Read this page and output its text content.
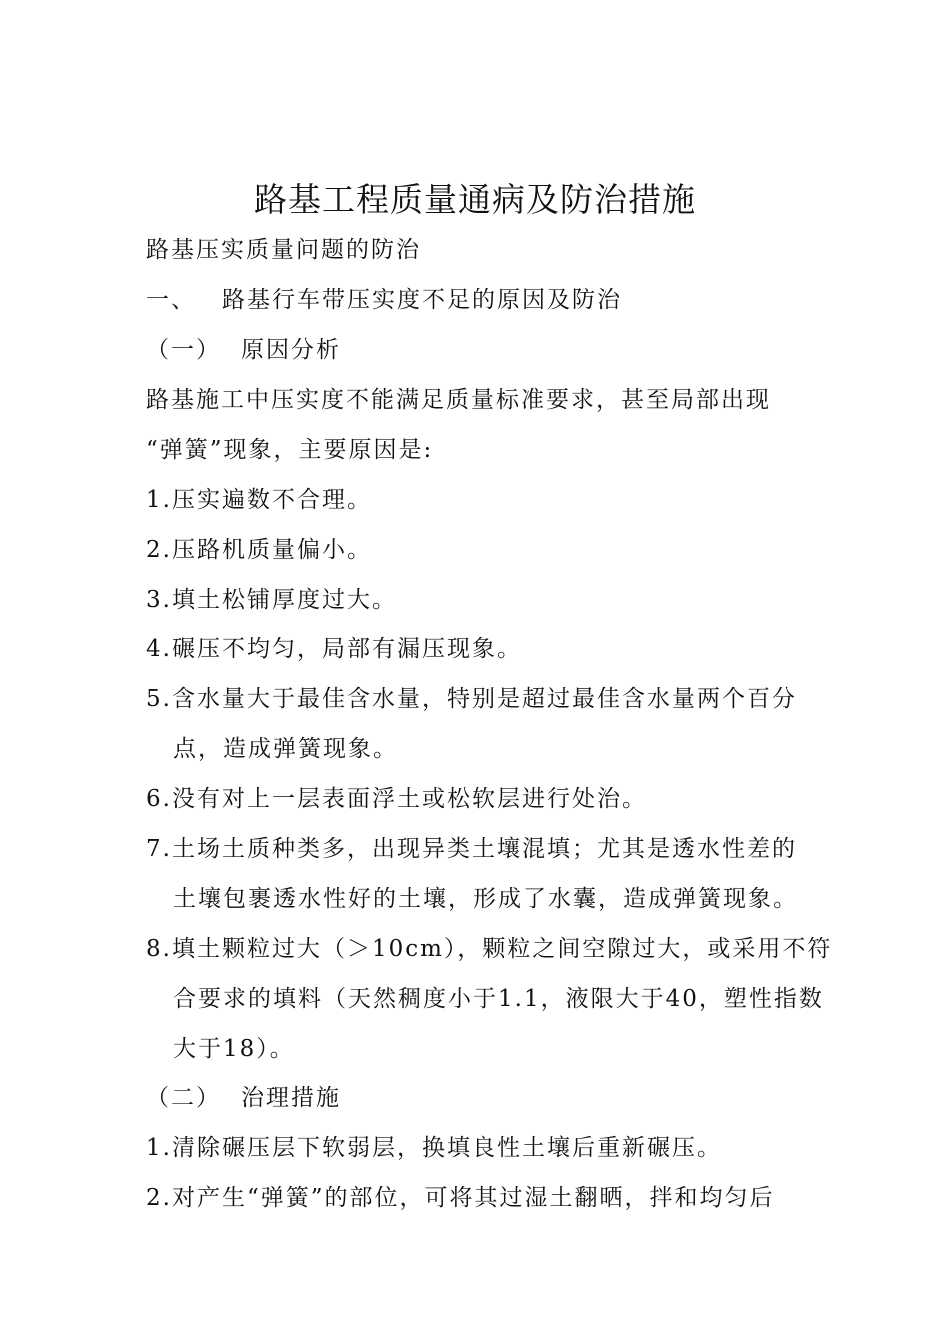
路基工程质量通病及防治措施

路基压实质量问题的防治

一、 路基行车带压实度不足的原因及防治

（一） 原因分析

路基施工中压实度不能满足质量标准要求，甚至局部出现

“弹簧”现象，主要原因是:

1.压实遍数不合理。

2.压路机质量偏小。

3.填土松铺厚度过大。

4.碾压不均匀，局部有漏压现象。

5.含水量大于最佳含水量，特别是超过最佳含水量两个百分

点，造成弹簧现象。

6.没有对上一层表面浮土或松软层进行处治。

7.土场土质种类多，出现异类土壤混填；尤其是透水性差的

土壤包裹透水性好的土壤，形成了水囊，造成弹簧现象。

8.填土颗粒过大（＞10cm），颗粒之间空隙过大，或采用不符

合要求的填料（天然稠度小于1.1，液限大于40，塑性指数

大于18）。

（二） 治理措施

1.清除碾压层下软弱层，换填良性土壤后重新碾压。

2.对产生“弹簧”的部位，可将其过湿土翻晒，拌和均匀后
